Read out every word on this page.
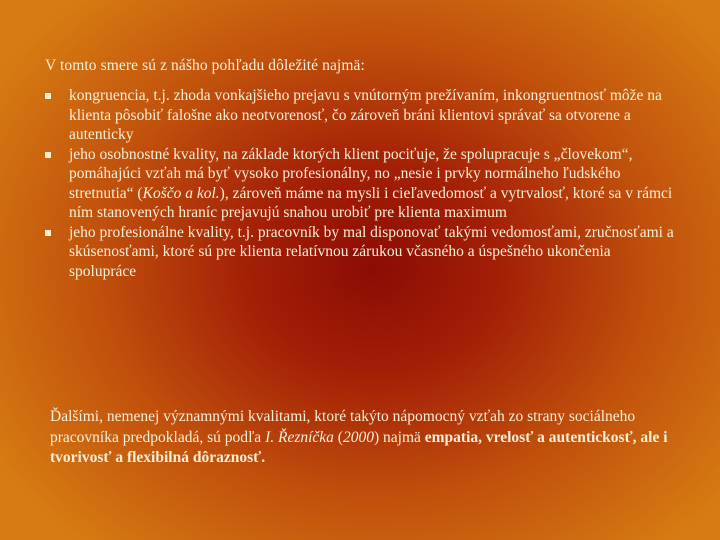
V tomto smere sú z nášho pohľadu dôležité najmä:
kongruencia, t.j. zhoda vonkajšieho prejavu s vnútorným prežívaním, inkongruentnosť môže na klienta pôsobiť falošne ako neotvorenosť, čo zároveň bráni klientovi správať sa otvorene a autenticky
jeho osobnostné kvality, na základe ktorých klient pociťuje, že spolupracuje s „človekom“, pomáhajúci vzťah má byť vysoko profesionálny, no „nesie i prvky normálneho ľudského stretnutia“ (Koščo a kol.), zároveň máme na mysli i cieľavedomosť a vytrvalosť, ktoré sa v rámci ním stanovených hraníc prejavujú snahou urobiť pre klienta maximum
jeho profesionálne kvality, t.j. pracovník by mal disponovať takými vedomosťami, zručnosťami a skúsenosťami, ktoré sú pre klienta relatívnou zárukou včasného a úspešného ukončenia spolupráce
Ďalšími, nemenej významnými kvalitami, ktoré takýto nápomocný vzťah zo strany sociálneho pracovníka predpokladá, sú podľa I. Řezníčka (2000) najmä empatia, vrelosť a autentickosť, ale i tvorivosť a flexibilná dôraznosť.
